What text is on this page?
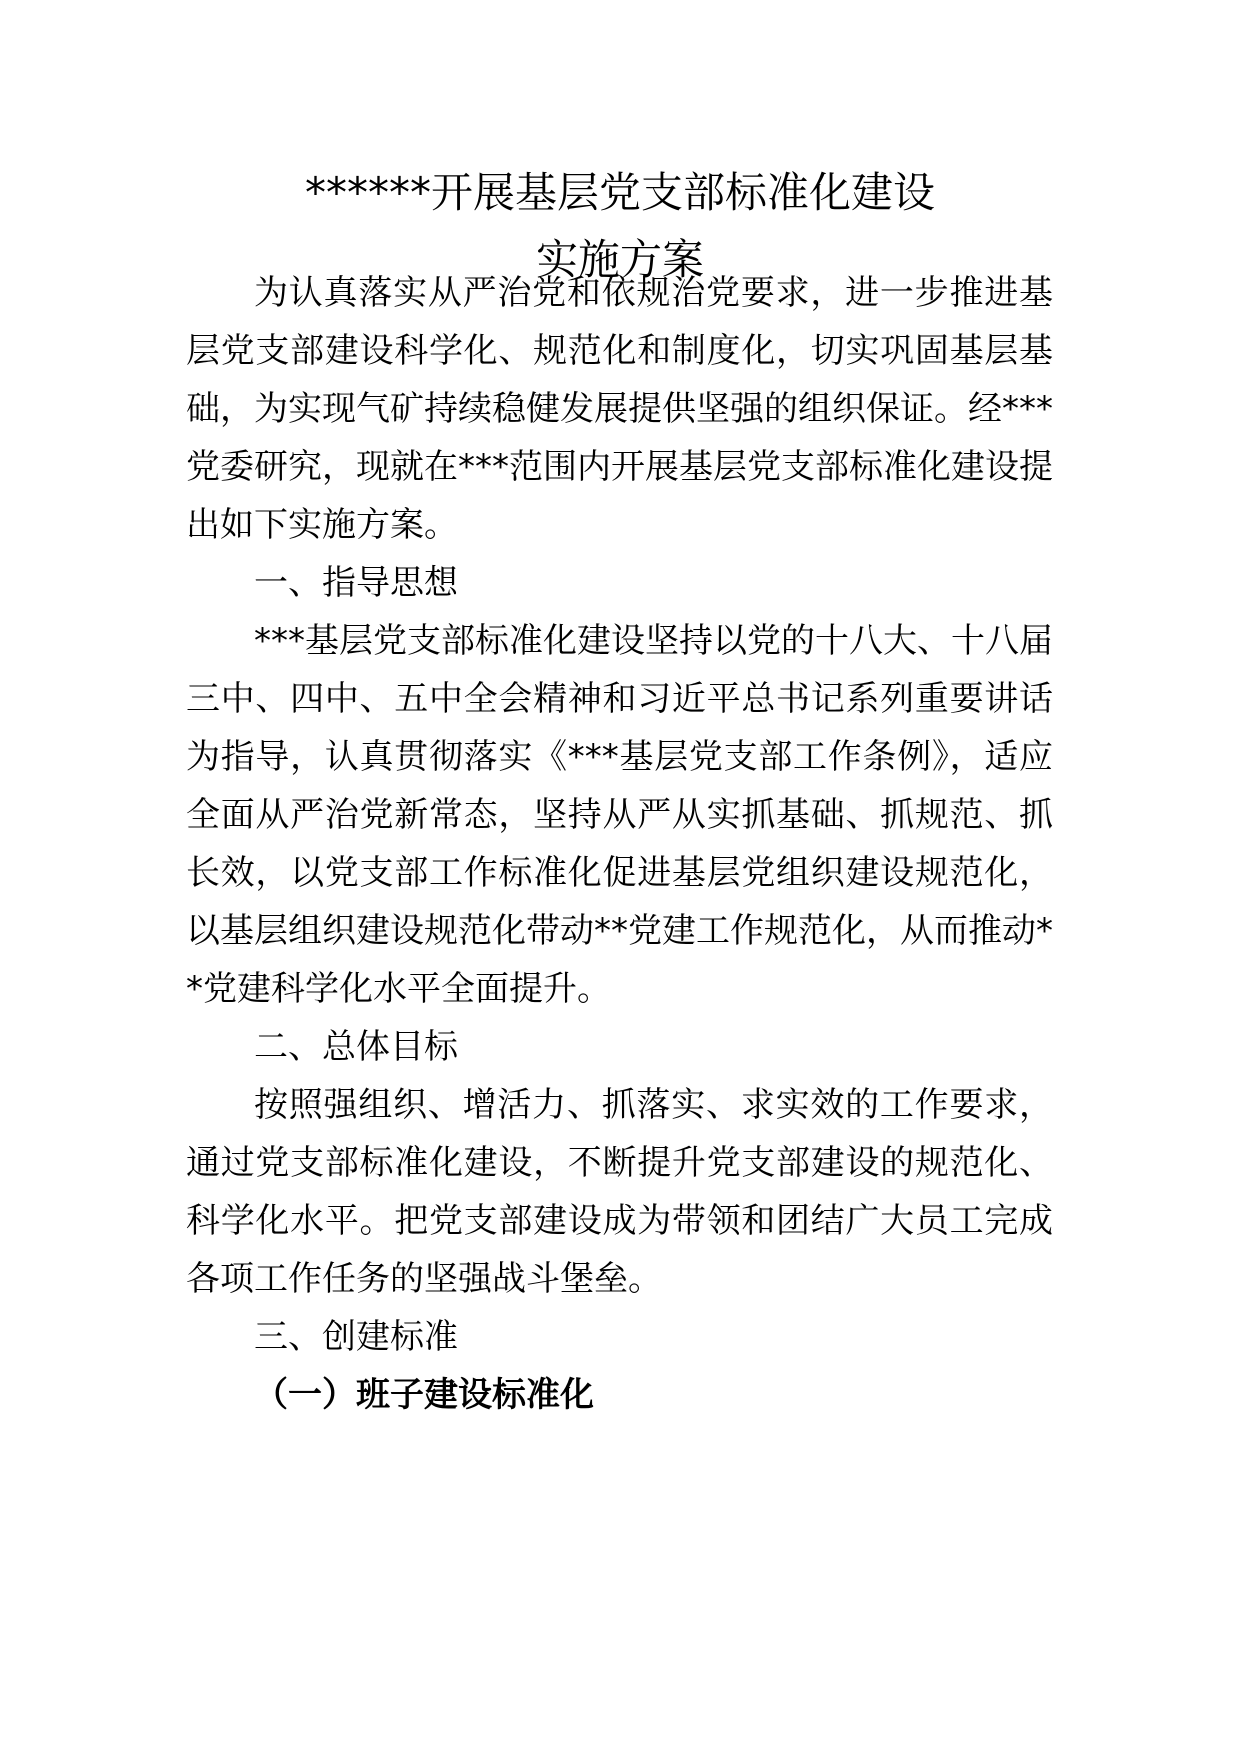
******开展基层党支部标准化建设
实施方案
为认真落实从严治党和依规治党要求，进一步推进基
层党支部建设科学化、规范化和制度化，切实巩固基层基
础，为实现气矿持续稳健发展提供坚强的组织保证。经***
党委研究，现就在***范围内开展基层党支部标准化建设提
出如下实施方案。
一、指导思想
***基层党支部标准化建设坚持以党的十八大、十八届
三中、四中、五中全会精神和习近平总书记系列重要讲话
为指导，认真贯彻落实《***基层党支部工作条例》，适应
全面从严治党新常态，坚持从严从实抓基础、抓规范、抓
长效，以党支部工作标准化促进基层党组织建设规范化，
以基层组织建设规范化带动**党建工作规范化，从而推动*
*党建科学化水平全面提升。
二、总体目标
按照强组织、增活力、抓落实、求实效的工作要求，
通过党支部标准化建设，不断提升党支部建设的规范化、
科学化水平。把党支部建设成为带领和团结广大员工完成
各项工作任务的坚强战斗堡垒。
三、创建标准
（一）班子建设标准化
